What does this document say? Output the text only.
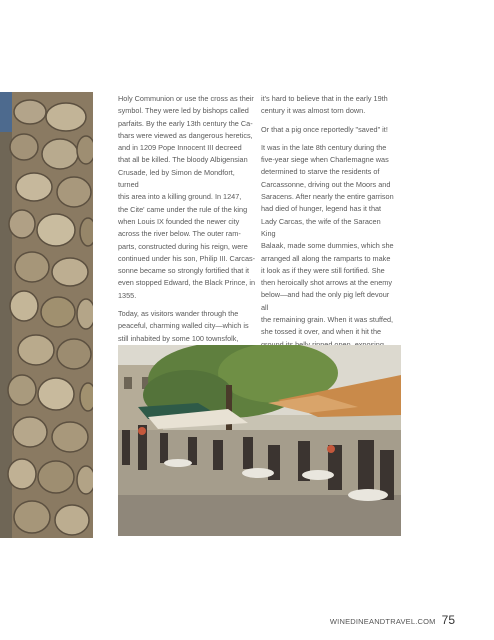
Holy Communion or use the cross as their
symbol. They were led by bishops called
parfaits. By the early 13th century the Ca-
thars were viewed as dangerous heretics,
and in 1209 Pope Innocent III decreed
that all be killed. The bloody Albigensian
Crusade, led by Simon de Mondfort, turned
this area into a killing ground. In 1247,
the Cite' came under the rule of the king
when Louis IX founded the newer city
across the river below. The outer ram-
parts, constructed during his reign, were
continued under his son, Philip III. Carcas-
sonne became so strongly fortified that it
even stopped Edward, the Black Prince, in
1355.

Today, as visitors wander through the
peaceful, charming walled city—which is
still inhabited by some 100 townsfolk,

it's hard to believe that in the early 19th
century it was almost torn down.

Or that a pig once reportedly "saved" it!

It was in the late 8th century during the
five-year siege when Charlemagne was
determined to starve the residents of
Carcassonne, driving out the Moors and
Saracens. After nearly the entire garrison
had died of hunger, legend has it that
Lady Carcas, the wife of the Saracen King
Balaak, made some dummies, which she
arranged all along the ramparts to make
it look as if they were still fortified. She
then heroically shot arrows at the enemy
below—and had the only pig left devour all
the remaining grain. When it was stuffed,
she tossed it over, and when it hit the

WINEDINEANDTRAVEL.COM 75
